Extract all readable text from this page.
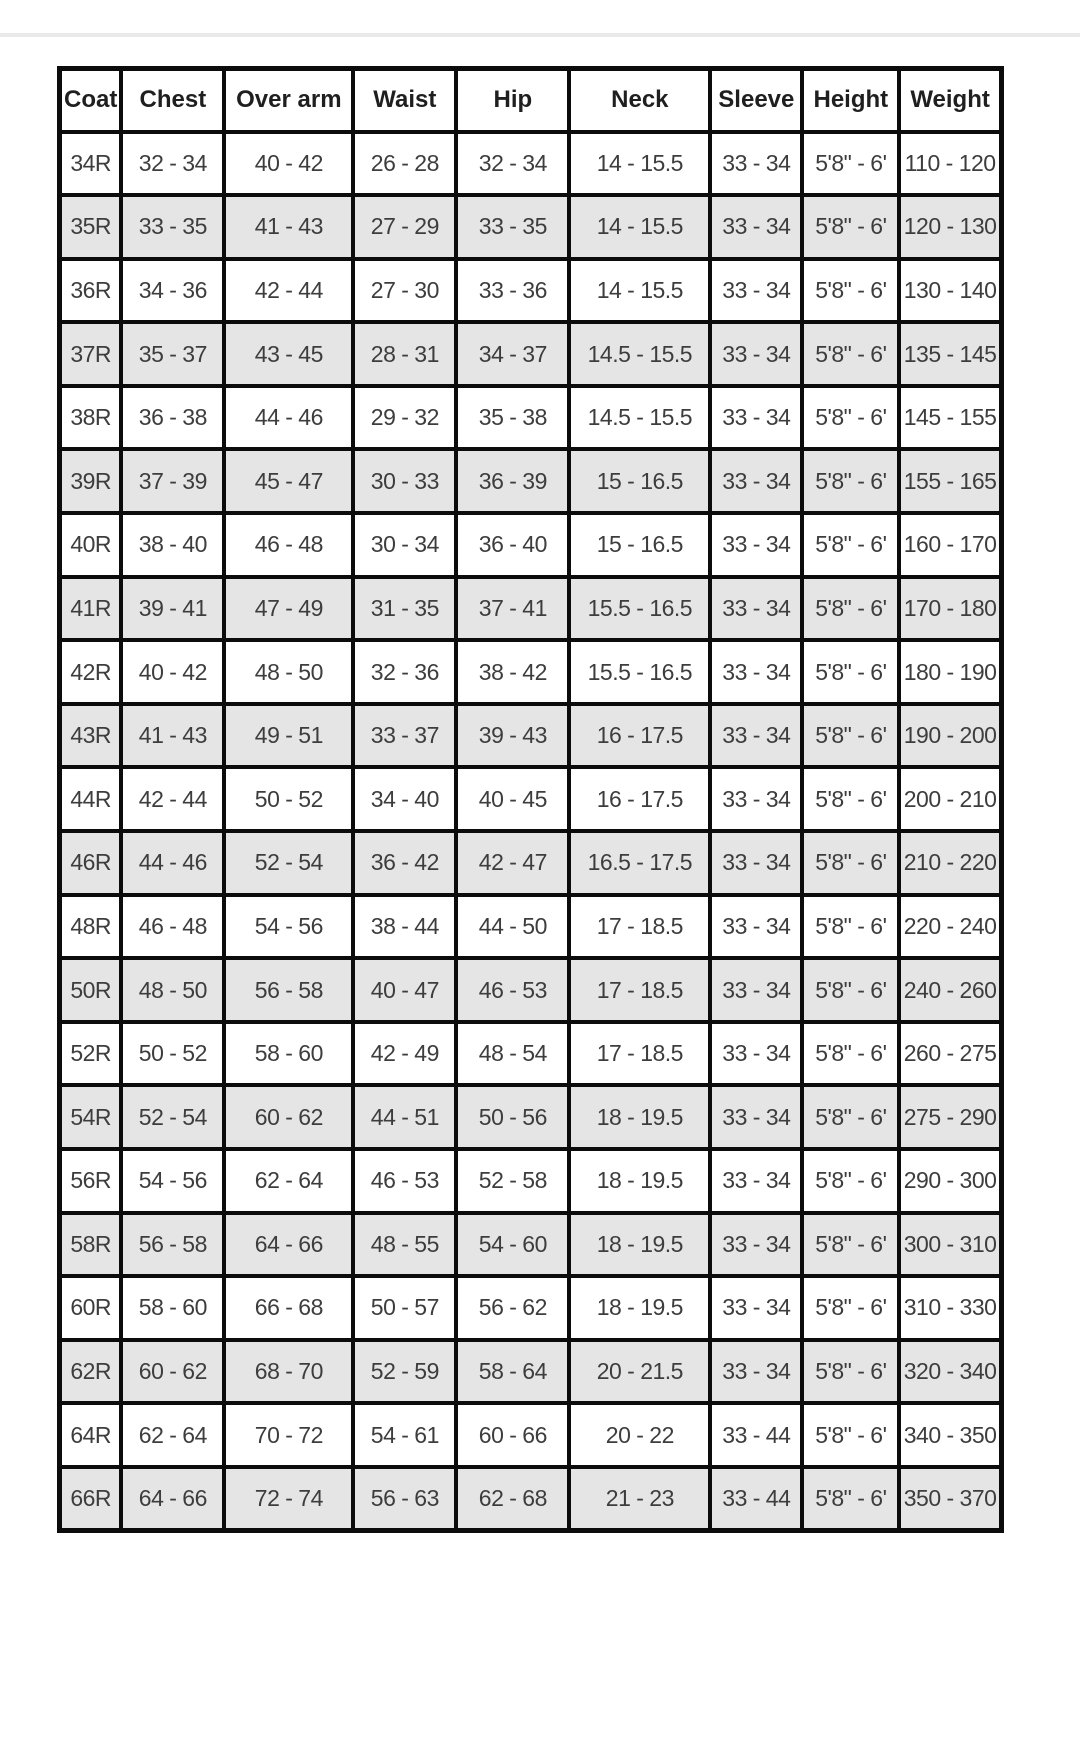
Coat	Chest	Over arm	Waist	Hip	Neck	Sleeve	Height	Weight
34R	32 - 34	40 - 42	26 - 28	32 - 34	14 - 15.5	33 - 34	5'8" - 6'	110 - 120
35R	33 - 35	41 - 43	27 - 29	33 - 35	14 - 15.5	33 - 34	5'8" - 6'	120 - 130
36R	34 - 36	42 - 44	27 - 30	33 - 36	14 - 15.5	33 - 34	5'8" - 6'	130 - 140
37R	35 - 37	43 - 45	28 - 31	34 - 37	14.5 - 15.5	33 - 34	5'8" - 6'	135 - 145
38R	36 - 38	44 - 46	29 - 32	35 - 38	14.5 - 15.5	33 - 34	5'8" - 6'	145 - 155
39R	37 - 39	45 - 47	30 - 33	36 - 39	15 - 16.5	33 - 34	5'8" - 6'	155 - 165
40R	38 - 40	46 - 48	30 - 34	36 - 40	15 - 16.5	33 - 34	5'8" - 6'	160 - 170
41R	39 - 41	47 - 49	31 - 35	37 - 41	15.5 - 16.5	33 - 34	5'8" - 6'	170 - 180
42R	40 - 42	48 - 50	32 - 36	38 - 42	15.5 - 16.5	33 - 34	5'8" - 6'	180 - 190
43R	41 - 43	49 - 51	33 - 37	39 - 43	16 - 17.5	33 - 34	5'8" - 6'	190 - 200
44R	42 - 44	50 - 52	34 - 40	40 - 45	16 - 17.5	33 - 34	5'8" - 6'	200 - 210
46R	44 - 46	52 - 54	36 - 42	42 - 47	16.5 - 17.5	33 - 34	5'8" - 6'	210 - 220
48R	46 - 48	54 - 56	38 - 44	44 - 50	17 - 18.5	33 - 34	5'8" - 6'	220 - 240
50R	48 - 50	56 - 58	40 - 47	46 - 53	17 - 18.5	33 - 34	5'8" - 6'	240 - 260
52R	50 - 52	58 - 60	42 - 49	48 - 54	17 - 18.5	33 - 34	5'8" - 6'	260 - 275
54R	52 - 54	60 - 62	44 - 51	50 - 56	18 - 19.5	33 - 34	5'8" - 6'	275 - 290
56R	54 - 56	62 - 64	46 - 53	52 - 58	18 - 19.5	33 - 34	5'8" - 6'	290 - 300
58R	56 - 58	64 - 66	48 - 55	54 - 60	18 - 19.5	33 - 34	5'8" - 6'	300 - 310
60R	58 - 60	66 - 68	50 - 57	56 - 62	18 - 19.5	33 - 34	5'8" - 6'	310 - 330
62R	60 - 62	68 - 70	52 - 59	58 - 64	20 - 21.5	33 - 34	5'8" - 6'	320 - 340
64R	62 - 64	70 - 72	54 - 61	60 - 66	20 - 22	33 - 44	5'8" - 6'	340 - 350
66R	64 - 66	72 - 74	56 - 63	62 - 68	21 - 23	33 - 44	5'8" - 6'	350 - 370
